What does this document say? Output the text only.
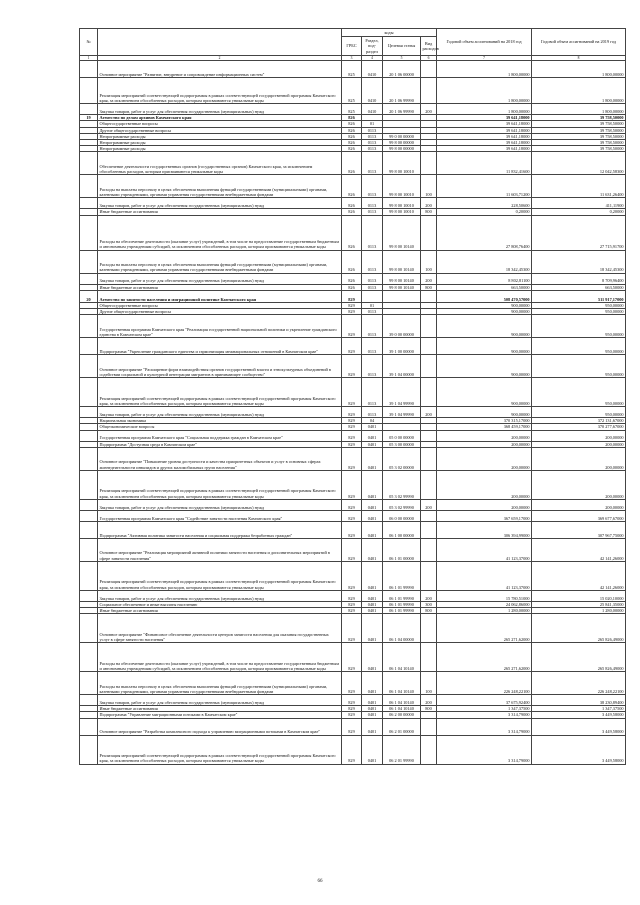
№		коды				Годовой объем ассигнований на 2018 год	Годовой объем ассигнований на 2019 год
		ГРБС	Раздел, под-раздел	Целевая статья	Вид расходов		
1	2	3	4	5	6	7	8
	Основное мероприятие "Развитие, внедрение и сопровождение информационных систем"	825	0410	20 1 06 00000		1 800,00000	1 800,00000
	Реализация мероприятий соответствующей подпрограммы в рамках соответствующей государственной программы Камчатского края, за исключением обособленных расходов, которым присваиваются уникальные коды	825	0410	20 1 06 99990		1 800,00000	1 800,00000
	Закупка товаров, работ и услуг для обеспечения государственных (муниципальных) нужд	825	0410	20 1 06 99990	200	1 800,00000	1 800,00000
19	Агентство по делам архивов Камчатского края	826				39 641,18000	39 758,50000
	Общегосударственные вопросы	826	01			39 641,18000	39 758,50000
	Другие общегосударственные вопросы	826	0113			39 641,18000	39 758,50000
	Непрограммные расходы	826	0113	99 0 00 00000		39 641,18000	39 758,50000
	Непрограммные расходы	826	0113	99 8 00 00000		39 641,18000	39 758,50000
	Непрограммные расходы	826	0113	99 8 00 00000		39 641,18000	39 758,50000
	Обеспечение деятельности государственных органов (государственных органов) Камчатского края, за исключением обособленных расходов, которым присваиваются уникальные коды	826	0113	99 8 00 10010		11 832,41600	12 042,58300
	Расходы на выплаты персоналу в целях обеспечения выполнения функций государственными (муниципальными) органами, казенными учреждениями, органами управления государственными внебюджетными фондами	826	0113	99 8 00 10010	100	11 603,71200	11 631,26400
	Закупка товаров, работ и услуг для обеспечения государственных (муниципальных) нужд	826	0113	99 8 00 10010	200	228,50600	411,11900
	Иные бюджетные ассигнования	826	0113	99 8 00 10010	800	0,20000	0,20000
	Расходы на обеспечение деятельности (оказание услуг) учреждений, в том числе на предоставление государственным бюджетным и автономным учреждениям субсидий, за исключением обособленных расходов, которым присваиваются уникальные коды	826	0113	99 8 00 10140		27 808,76400	27 715,91700
	Расходы на выплаты персоналу в целях обеспечения выполнения функций государственными (муниципальными) органами, казенными учреждениями, органами управления государственными внебюджетными фондами	826	0113	99 8 00 10140	100	18 342,45300	18 342,45300
	Закупка товаров, работ и услуг для обеспечения государственных (муниципальных) нужд	826	0113	99 8 00 10140	200	8 802,81100	8 709,96400
	Иные бюджетные ассигнования	826	0113	99 8 00 10140	800	663,50000	663,50000
20	Агентство по занятости населения и миграционной политике Камчатского края	829				508 470,57000	511 917,17000
	Общегосударственные вопросы	829	01			900,00000	950,00000
	Другие общегосударственные вопросы	829	0113			900,00000	950,00000
	Государственная программа Камчатского края "Реализация государственной национальной политики и укрепление гражданского единства в Камчатском крае"	829	0113	39 0 00 00000		900,00000	950,00000
	Подпрограмма "Укрепление гражданского единства и гармонизация межнациональных отношений в Камчатском крае"	829	0113	39 1 00 00000		900,00000	950,00000
	Основное мероприятие "Расширение форм взаимодействия органов государственной власти и этнокультурных объединений в содействии социальной и культурной интеграции мигрантов в принимающее сообщество"	829	0113	39 1 04 00000		900,00000	950,00000
	Реализация мероприятий соответствующей подпрограммы в рамках соответствующей государственной программы Камчатского края, за исключением обособленных расходов, которым присваиваются уникальные коды	829	0113	39 1 04 99990		900,00000	950,00000
	Закупка товаров, работ и услуг для обеспечения государственных (муниципальных) нужд	829	0113	39 1 04 99990	200	900,00000	950,00000
	Национальная экономика	829	04			370 315,17000	372 131,67000
	Общеэкономические вопросы	829	0401			368 459,17000	370 277,67000
	Государственная программа Камчатского края "Социальная поддержка граждан в Камчатском крае"	829	0401	05 0 00 00000		200,00000	200,00000
	Подпрограмма "Доступная среда в Камчатском крае"	829	0401	05 3 00 00000		200,00000	200,00000
	Основное мероприятие "Повышение уровня доступности и качества приоритетных объектов и услуг в основных сферах жизнедеятельности инвалидов и других маломобильных групп населения"	829	0401	05 3 02 00000		200,00000	200,00000
	Реализация мероприятий соответствующей подпрограммы в рамках соответствующей государственной программы Камчатского края, за исключением обособленных расходов, которым присваиваются уникальные коды	829	0401	05 3 02 99990		200,00000	200,00000
	Закупка товаров, работ и услуг для обеспечения государственных (муниципальных) нужд	829	0401	05 3 02 99990	200	200,00000	200,00000
	Государственная программа Камчатского края "Содействие занятости населения Камчатского края"	829	0401	06 0 00 00000		367 659,17000	369 677,67000
	Подпрограмма "Активная политика занятости населения и социальная поддержка безработных граждан"	829	0401	06 1 00 00000		306 394,99000	307 967,75000
	Основное мероприятие "Реализация мероприятий активной политики занятости населения и дополнительных мероприятий в сфере занятости населения"	829	0401	06 1 01 00000		41 123,37000	42 141,26000
	Реализация мероприятий соответствующей подпрограммы в рамках соответствующей государственной программы Камчатского края, за исключением обособленных расходов, которым присваиваются уникальные коды	829	0401	06 1 01 99990		41 123,37000	42 141,26000
	Закупка товаров, работ и услуг для обеспечения государственных (муниципальных) нужд	829	0401	06 1 01 99990	200	15 780,51000	15 020,10000
	Социальное обеспечение и иные выплаты населению	829	0401	06 1 01 99990	300	24 062,86000	25 841,35000
	Иные бюджетные ассигнования	829	0401	06 1 01 99990	800	1 280,00000	1 280,00000
	Основное мероприятие "Финансовое обеспечение деятельности центров занятости населения для оказания государственных услуг в сфере занятости населения"	829	0401	06 1 04 00000		265 271,62000	265 826,49000
	Расходы на обеспечение деятельности (оказание услуг) учреждений, в том числе на предоставление государственным бюджетным и автономным учреждениям субсидий, за исключением обособленных расходов, которым присваиваются уникальные коды	829	0401	06 1 04 10140		265 271,62000	265 826,49000
	Расходы на выплаты персоналу в целях обеспечения выполнения функций государственными (муниципальными) органами, казенными учреждениями, органами управления государственными внебюджетными фондами	829	0401	06 1 04 10140	100	226 248,22100	226 248,22100
	Закупка товаров, работ и услуг для обеспечения государственных (муниципальных) нужд	829	0401	06 1 04 10140	200	37 675,92400	38 230,89400
	Иные бюджетные ассигнования	829	0401	06 1 04 10140	800	1 347,37500	1 347,37500
	Подпрограмма "Управление миграционными потоками в Камчатском крае"	829	0401	06 2 00 00000		3 314,79000	3 449,58000
	Основное мероприятие "Разработка комплексного подхода к управлению миграционными потоками в Камчатском крае"	829	0401	06 2 01 00000		3 314,79000	3 449,58000
	Реализация мероприятий соответствующей подпрограммы в рамках соответствующей государственной программы Камчатского края, за исключением обособленных расходов, которым присваиваются уникальные коды	829	0401	06 2 01 99990		3 314,79000	3 449,58000
66
